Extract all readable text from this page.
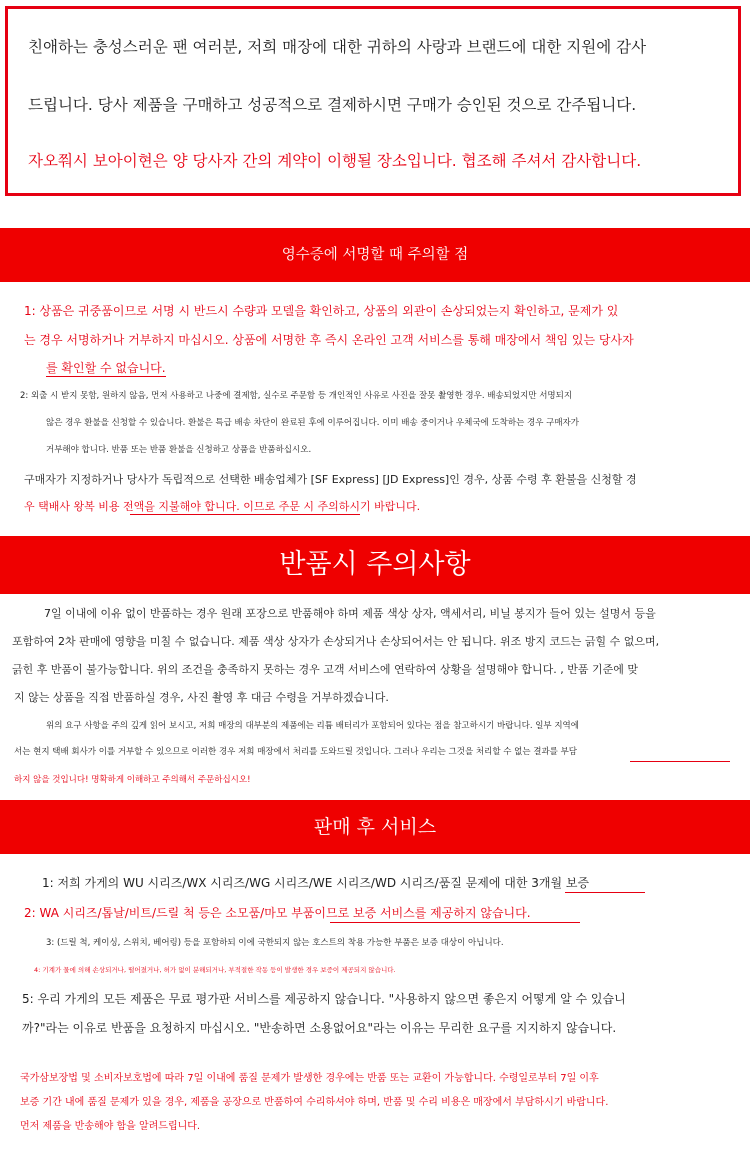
친애하는 충성스러운 팬 여러분, 저희 매장에 대한 귀하의 사랑과 브랜드에 대한 지원에 감사
드립니다. 당사 제품을 구매하고 성공적으로 결제하시면 구매가 승인된 것으로 간주됩니다.
자오쭤시 보아이현은 양 당사자 간의 계약이 이행될 장소입니다. 협조해 주셔서 감사합니다.
영수증에 서명할 때 주의할 점
1: 상품은 귀중품이므로 서명 시 반드시 수량과 모델을 확인하고, 상품의 외관이 손상되었는지 확인하고, 문제가 있
는 경우 서명하거나 거부하지 마십시오. 상품에 서명한 후 즉시 온라인 고객 서비스를 통해 매장에서 책임 있는 당사자
를 확인할 수 없습니다.
2: 외출 시 받지 못함, 원하지 않음, 먼저 사용하고 나중에 결제함, 실수로 주문함 등 개인적인 사유로 사진을 잘못 촬영한 경우. 배송되었지만 서명되지
않은 경우 환불을 신청할 수 있습니다. 환불은 특급 배송 차단이 완료된 후에 이루어집니다. 이미 배송 중이거나 우체국에 도착하는 경우 구매자가
거부해야 합니다. 반품 또는 반품 환불을 신청하고 상품을 반품하십시오.
구매자가 지정하거나 당사가 독립적으로 선택한 배송업체가 [SF Express] [JD Express]인 경우, 상품 수령 후 환불을 신청할 경
우 택배사 왕복 비용 전액을 지불해야 합니다. 이므로 주문 시 주의하시기 바랍니다.
반품시 주의사항
7일 이내에 이유 없이 반품하는 경우 원래 포장으로 반품해야 하며 제품 색상 상자, 액세서리, 비닐 봉지가 들어 있는 설명서 등을
포함하여 2차 판매에 영향을 미칠 수 없습니다. 제품 색상 상자가 손상되거나 손상되어서는 안 됩니다. 위조 방지 코드는 긁힐 수 없으며,
긁힌 후 반품이 불가능합니다. 위의 조건을 충족하지 못하는 경우 고객 서비스에 연락하여 상황을 설명해야 합니다. , 반품 기준에 맞
지 않는 상품을 직접 반품하실 경우, 사진 촬영 후 대금 수령을 거부하겠습니다.
위의 요구 사항을 주의 깊게 읽어 보시고, 저희 매장의 대부분의 제품에는 리튬 배터리가 포함되어 있다는 점을 참고하시기 바랍니다. 일부 지역에
서는 현지 택배 회사가 이를 거부할 수 있으므로 이러한 경우 저희 매장에서 처리를 도와드릴 것입니다. 그러나 우리는 그것을 처리할 수 없는 결과를 부담
하지 않을 것입니다! 명확하게 이해하고 주의해서 주문하십시오!
판매 후 서비스
1: 저희 가게의 WU 시리즈/WX 시리즈/WG 시리즈/WE 시리즈/WD 시리즈/품질 문제에 대한 3개월 보증
2: WA 시리즈/톱날/비트/드릴 척 등은 소모품/마모 부품이므로 보증 서비스를 제공하지 않습니다.
3: (드릴 척, 케이싱, 스위치, 베어링) 등을 포함하되 이에 국한되지 않는 호스트의 착용 가능한 부품은 보증 대상이 아닙니다.
4: 기계가 물에 의해 손상되거나, 떨어졌거나, 허가 없이 분해되거나, 부적절한 작동 등이 발생한 경우 보증이 제공되지 않습니다.
5: 우리 가게의 모든 제품은 무료 평가판 서비스를 제공하지 않습니다. "사용하지 않으면 좋은지 어떻게 알 수 있습니
까?"라는 이유로 반품을 요청하지 마십시오. "반송하면 소용없어요"라는 이유는 무리한 요구를 지지하지 않습니다.
국가삼보장법 및 소비자보호법에 따라 7일 이내에 품질 문제가 발생한 경우에는 반품 또는 교환이 가능합니다. 수령일로부터 7일 이후
보증 기간 내에 품질 문제가 있을 경우, 제품을 공장으로 반품하여 수리하셔야 하며, 반품 및 수리 비용은 매장에서 부담하시기 바랍니다.
먼저 제품을 반송해야 함을 알려드립니다.
